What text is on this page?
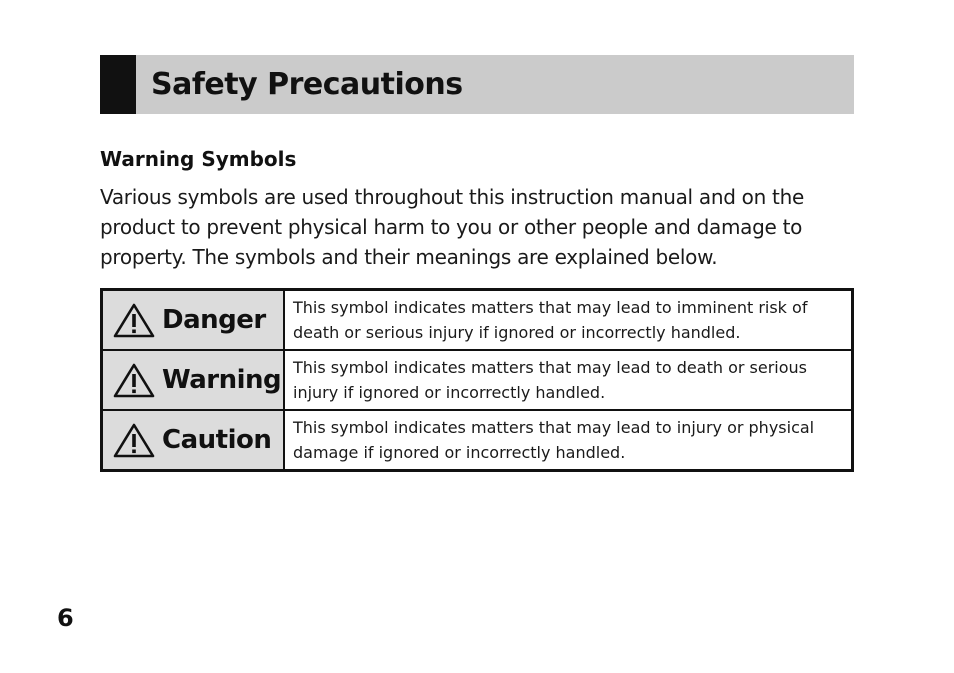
Safety Precautions
Warning Symbols
Various symbols are used throughout this instruction manual and on the product to prevent physical harm to you or other people and damage to property. The symbols and their meanings are explained below.
Danger	This symbol indicates matters that may lead to imminent risk of death or serious injury if ignored or incorrectly handled.

Warning	This symbol indicates matters that may lead to death or serious injury if ignored or incorrectly handled.

Caution	This symbol indicates matters that may lead to injury or physical damage if ignored or incorrectly handled.
6
